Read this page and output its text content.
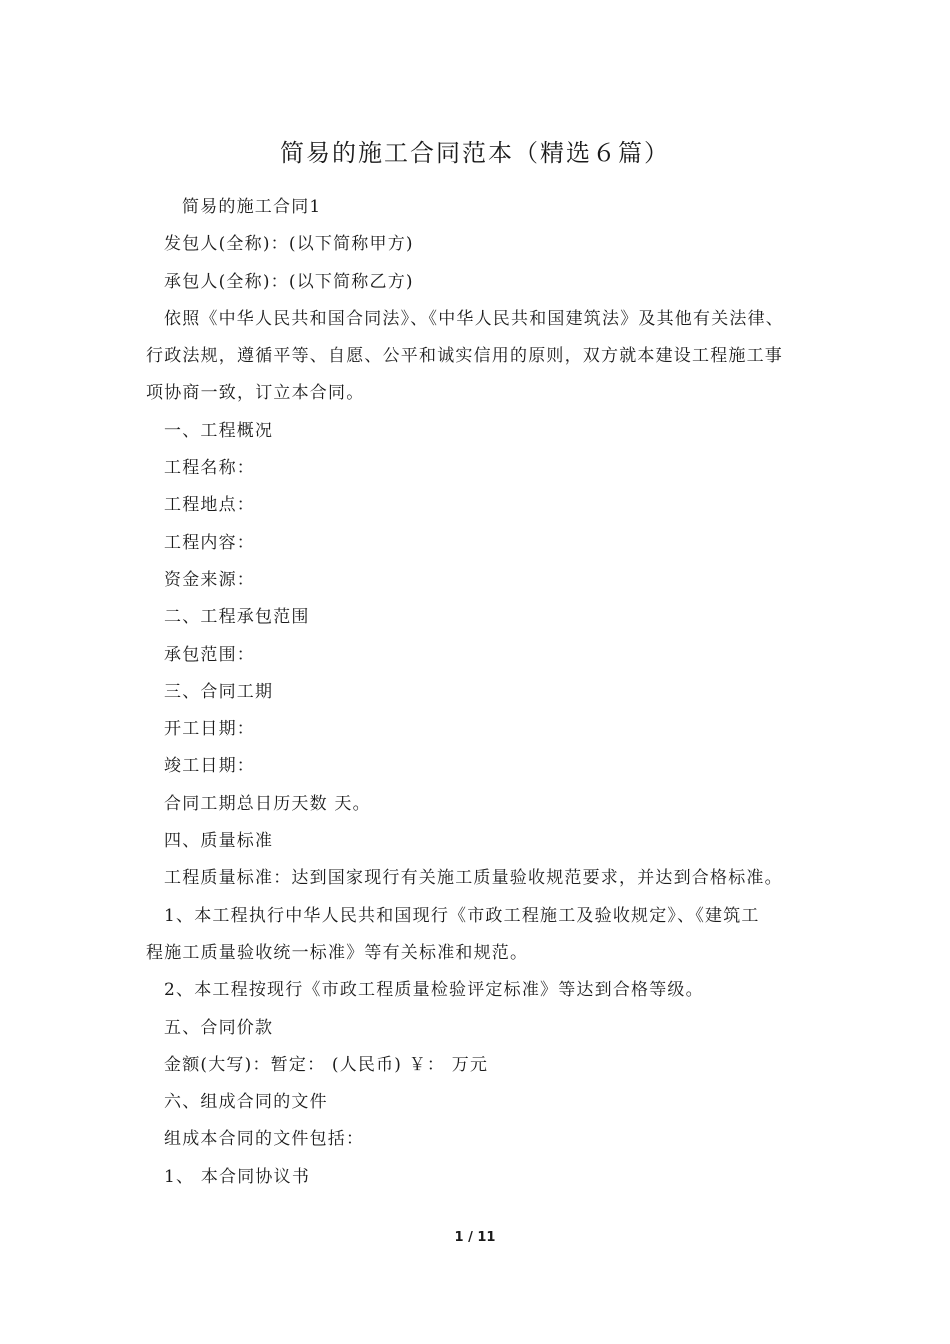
简易的施工合同范本（精选６篇）
简易的施工合同1
发包人(全称)：(以下简称甲方)
承包人(全称)：(以下简称乙方)
依照《中华人民共和国合同法》、《中华人民共和国建筑法》及其他有关法律、
行政法规，遵循平等、自愿、公平和诚实信用的原则，双方就本建设工程施工事
项协商一致，订立本合同。
一、工程概况
工程名称：
工程地点：
工程内容：
资金来源：
二、工程承包范围
承包范围：
三、合同工期
开工日期：
竣工日期：
合同工期总日历天数 天。
四、质量标准
工程质量标准：达到国家现行有关施工质量验收规范要求，并达到合格标准。
1、本工程执行中华人民共和国现行《市政工程施工及验收规定》、《建筑工
程施工质量验收统一标准》等有关标准和规范。
2、本工程按现行《市政工程质量检验评定标准》等达到合格等级。
五、合同价款
金额(大写)：暂定： (人民币) ￥： 万元
六、组成合同的文件
组成本合同的文件包括：
1、 本合同协议书
1 / 11
